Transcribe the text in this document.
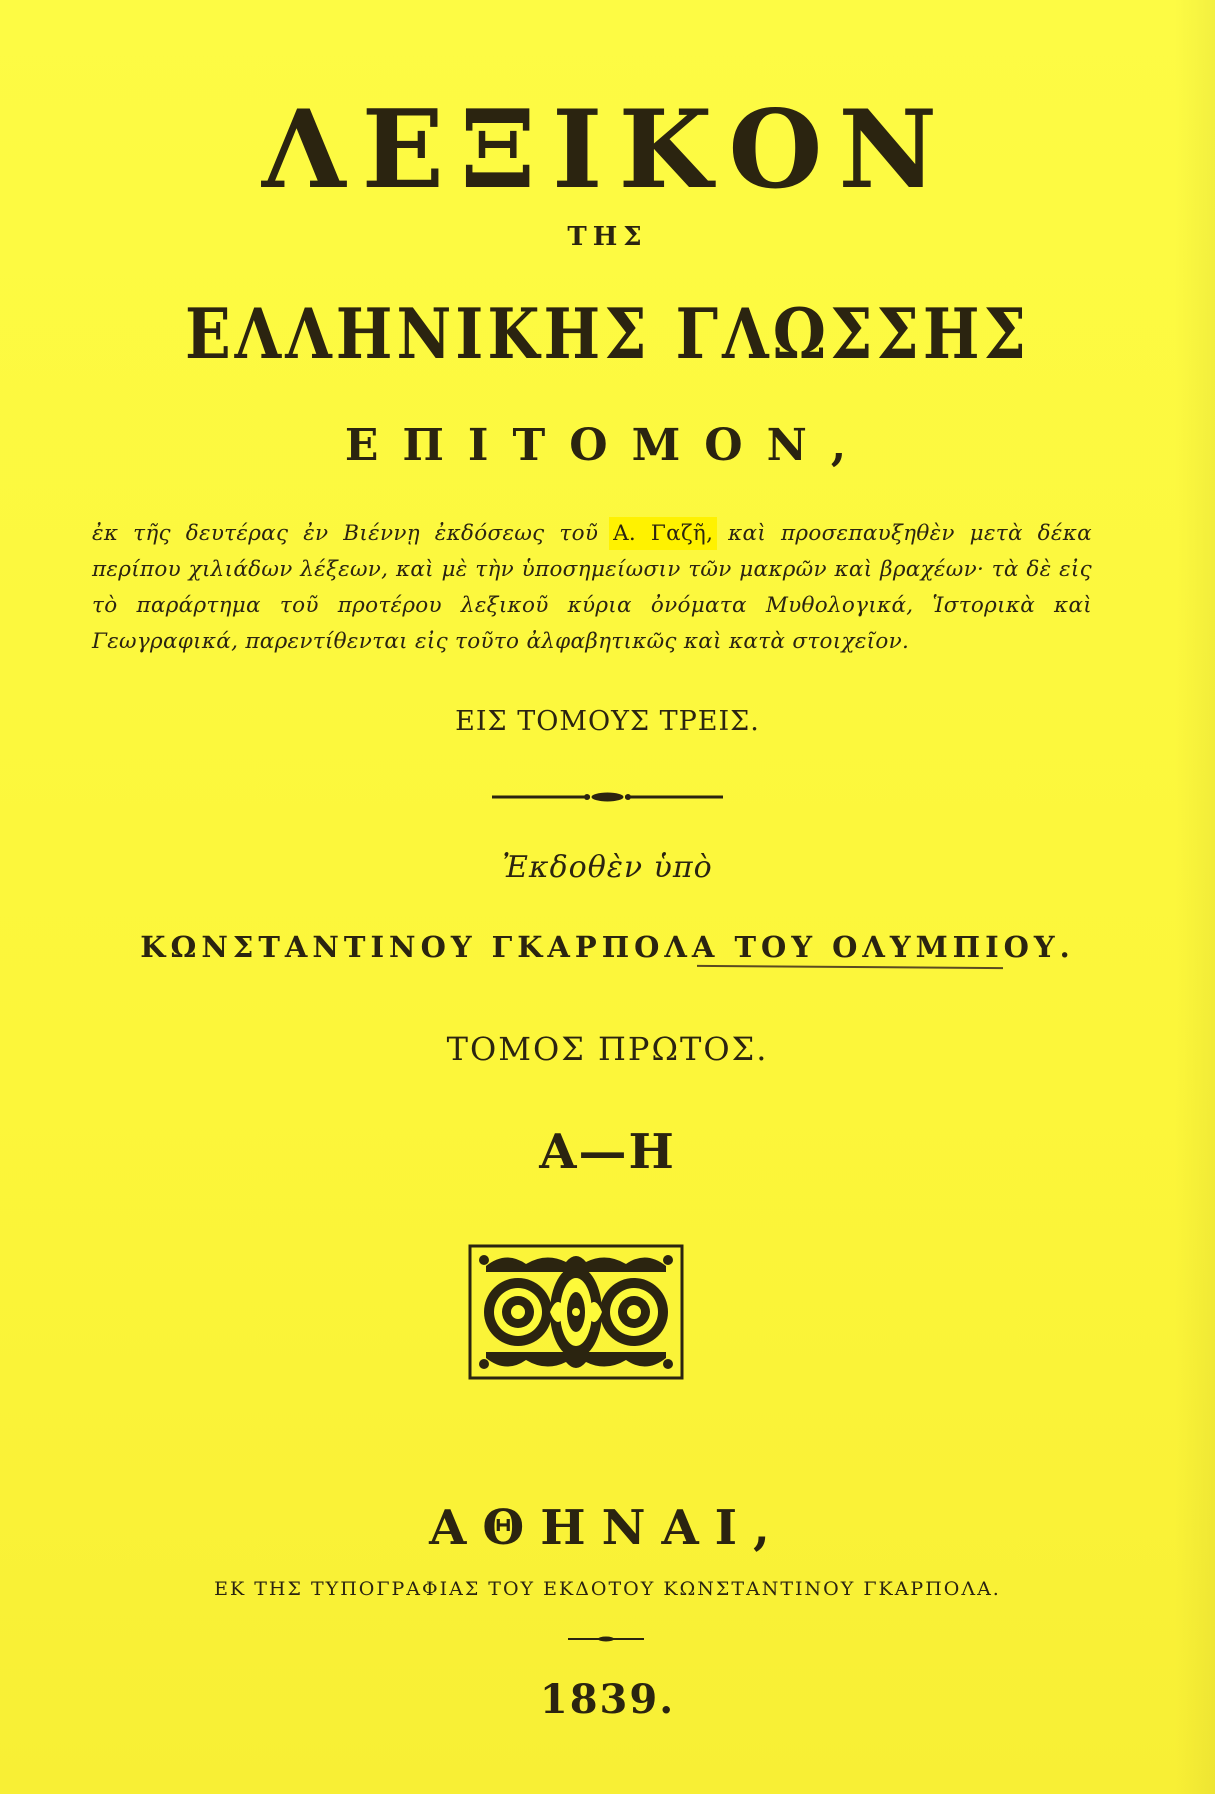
ΛΕΞΙΚΟΝ
ΤΗΣ
ΕΛΛΗΝΙΚΗΣ ΓΛΩΣΣΗΣ
ΕΠΙΤΟΜΟΝ,
ἐκ τῆς δευτέρας ἐν Βιέννῃ ἐκδόσεως τοῦ Α. Γαζῆ, καὶ προσεπαυξηθὲν μετὰ δέκα περίπου χιλιάδων λέξεων, καὶ μὲ τὴν ὑποσημείωσιν τῶν μακρῶν καὶ βραχέων· τὰ δὲ εἰς τὸ παράρτημα τοῦ προτέρου λεξικοῦ κύρια ὀνόματα Μυθολογικά, Ἱστορικὰ καὶ Γεωγραφικά, παρεντίθενται εἰς τοῦτο ἀλφαβητικῶς καὶ κατὰ στοιχεῖον.
ΕΙΣ ΤΟΜΟΥΣ ΤΡΕΙΣ.
Ἐκδοθὲν ὑπὸ
ΚΩΝΣΤΑΝΤΙΝΟΥ ΓΚΑΡΠΟΛΑ ΤΟΥ ΟΛΥΜΠΙΟΥ.
ΤΟΜΟΣ ΠΡΩΤΟΣ.
Α—Η
ΑΘΗΝΑΙ,
ΕΚ ΤΗΣ ΤΥΠΟΓΡΑΦΙΑΣ ΤΟΥ ΕΚΔΟΤΟΥ ΚΩΝΣΤΑΝΤΙΝΟΥ ΓΚΑΡΠΟΛΑ.
1839.
